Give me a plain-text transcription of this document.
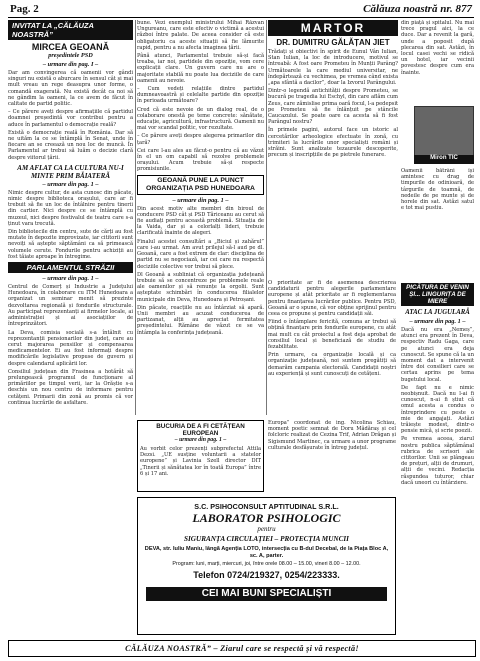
Pag. 2	Călăuza noastră nr. 877
INVITAT LA „CĂLĂUZA NOASTRĂ”
MIRCEA GEOANĂ
președintele PSD
– urmare din pag. I –

Dar am convingerea că oamenii vor gândi singuri nu există o aburcare în sensul cât și mai mult vreau un rege deasupra unor forme, o comandă exagerată. Nu există decât ca noi să ne gândim la oameni, la ce avem de făcut în calitate de partid politic.

– Ce părere aveți despre afirmațiile că partidul doamnei președintă vor contribui pentru a aduce în parlamentul o democrație reală?

Există o democrație reală în România. Dar să ne uităm la ce se întâmplă în Senat, unde în fiecare an se creează un nou loc de muncă. În Parlamentul ar trebui să luăm o decizie clară despre viitorul țării.

AM AFLAT CA LA CULTURA NU-I MINTE PRIM BĂIATERĂ
– urmare din pag. 1 –

Nimic despre cultur, de asta cunosc din păcate, nimic despre biblioteca orașului, care ar fi trebuit să fie un loc de întâlnire pentru tinerii din cartier. Nici despre ce se întâmplă cu muzeul, nici despre festivalul de teatru care s-a ținut vara trecută.

Din bibliotecile din centru, sute de cărți au fost mutate în depozite improvizate, iar cititorii sunt nevoiți să aștepte săptămâni ca să primească volumele cerute. Fondurile pentru achiziții au fost tăiate aproape în întregime.

PARLAMENTUL STRĂZII
– urmare din pag. 1 –

Centrul de Comerț și Industrie a Județului Hunedoara, în colaborare cu ITM Hunedoara a organizat un seminar menit să prezinte dezvoltarea regională și fondurile structurale. Au participat reprezentanți ai firmelor locale, ai administrației și ai asociațiilor de întreprinzători.

La Deva, comisia socială s-a întâlnit cu reprezentanții pensionarilor din județ, care au cerut majorarea pensiilor și compensarea medicamentelor. Ei au fost informați despre modificările legislative propuse de guvern și despre calendarul aplicării lor.

Consiliul județean din Frasinea a hotărât să prelungească programul de funcționare al primăriilor pe timpul verii, iar la Orăștie s-a deschis un nou centru de informare pentru cetățeni. Primarii din zonă au promis că vor continua lucrările de asfaltare.

bune. Vezi exemplul ministrului Mihai Răzvan Ungureanu, care este efectiv o victimă a acestui război între palate. De aceea consider că este obligatoriu ca aceste situații să fie lămurite rapid, pentru a nu afecta imaginea țării.

Până atunci, Parlamentul trebuie să-și facă treaba, iar noi, partidele din opoziție, vom cere explicații clare. Un guvern care nu are o majoritate stabilă nu poate lua deciziile de care oamenii au nevoie.

– Cum vedeți relațiile dintre partidul dumneavoastră și celelalte partide din opoziție în perioada următoare?

Cred că este nevoie de un dialog real, de o colaborare onestă pe teme concrete: sănătate, educație, agricultură, infrastructură. Oamenii nu mai vor scandal politic, vor rezultate.

– Ce părere aveți despre alegerea primarilor din țară?

Cei care l-au ales au făcut-o pentru că au văzut în el un om capabil să rezolve problemele orașului. Acum trebuie să-și respecte promisiunile.

GEOANĂ PUNE LA PUNCT ORGANIZAȚIA PSD HUNEDOARA
– urmare din pag. 1 –

Din acest motiv alte membri din biroul de conducere PSD cât și PSD Tăriceanu au cerut să fie audiați pentru această problemă. Situația de la Vaida, dar și a celorlalți lideri, trebuie clarificată înainte de alegeri.

Finalul acestei consultări a „Biciul și zahărul” care i-au urmat. Am avut prilejul să-l aud pe dl. Geoană, care a fost extrem de clar: disciplina de partid nu se negociază, iar cei care nu respectă deciziile colective vor trebui să plece.

Dl Geoană a subliniat că organizația județeană trebuie să se concentreze pe problemele reale ale oamenilor și să renunțe la orgolii. Sunt așteptate schimbări în conducerea filialelor municipale din Deva, Hunedoara și Petroșani.

Din păcate, reacțiile nu au întârziat să apară. Unii membri au acuzat conducerea de partizanat, alții au apreciat fermitatea președintelui. Rămâne de văzut ce se va întâmpla la conferința județeană.

MARTOR
DR. DUMITRU GĂLĂȚAN JIET

Trădați și obiectivi în spirit de Eunul Vân Iulian, Stan Iulian, la loc de introducere, motivul se întreabă: A fost oare Prometeu în Munții Parâng? Următoarele la care mediul universitar, ne îndepărtează cu vechimea, pe vremea când exista „apa sfântă a dacilor”, doar la Izvorul Parângului.

Dintr-o legendă antichității despre Prometeu, se bucură pe tragedia lui Eschyl, din care aflăm cum Zeus, care zămislise prima oară focul, l-a pedepsit pe Prometeu să fie înlănțuit pe stâncile Caucazului. Se poate oare ca acesta să fi fost Parângul nostru?

În primele pagini, autorul face un istoric al cercetărilor arheologice efectuate în zonă, cu trimiteri la lucrările unor specialiști români și străini. Sunt analizate tezaurele descoperite, precum și inscripțiile de pe pietrele funerare.

din piață și spitalul. Nu mai trece pragul aici, la ce duce. Dar a revenit la gară, unde a poposit după plecarea din sat. Astăzi, în locul casei vechi se ridică un hotel, iar vecinii povestesc despre cum era înainte.

Miron TIC

Oamenii bătrâni își amintesc cu drag de timpurile de odinioară, de târgurile de toamnă, de nedeile de pe munte și de horele din sat. Astăzi satul e tot mai pustiu.

O prioritate ar fi de asemenea descrierea candidaturii pentru alegerile parlamentare europene și atât prioritate ar fi reglementarea pentru finanțarea lucrărilor publice. Pentru PSD, Geoană ar o spune, că vor obține sprijinul pentru ceea ce propune și pentru candidații săi.

Fiind o întâmplare fericită, comuna ar trebui să obțină finanțare prin fondurile europene, cu atât mai mult cu cât proiectul a fost deja aprobat de consiliul local și beneficiază de studiu de fezabilitate.

Prin urmare, ca organizație locală și ca organizație județeană, noi suntem pregătiți să demarăm campania electorală. Candidații noștri au experiență și sunt cunoscuți de cetățeni.

PICĂTURA DE VENIN ȘI... LINGURIȚA DE MIERE
ATAC LA JUGULARĂ
– urmare din pag. 1 –

Dacă nu era „Nemeș”, atunci era prezent în Deva, respectiv Radu Gaga, care pe atunci era deja cunoscut. Se spune că la un moment dat a intervenit între doi consilieri care se certau aprins pe tema bugetului local.

De fapt nu e nimic neobișnuit. Dacă nu l-ai fi cunoscut, n-ai fi știut că omul acesta a condus o întreprindere cu peste o mie de angajați. Astăzi trăiește modest, dintr-o pensie mică, și scrie poezii.

Pe vremea aceea, ziarul nostru publica săptămânal rubrica de scrisori ale cititorilor. Unii se plângeau de prețuri, alții de drumuri, alții de vecini. Redacția răspundea tuturor, chiar dacă uneori cu întârziere.

BUCURIA DE A FI CETĂȚEAN EUROPEAN
– urmare din pag. 1 –

Au vorbit celor prezenți subprefectul Attila Dezsi. „UE susține voluntarii a statelor europene” și Lavinia Szell director DIT „Tinerii și sănătatea lor în toată Europa” între 6 și 17 ani.

Europa” coordonat de ing. Nicolina Schiau, moment poetic semnat de Doru Mădăraș și cel folcloric realizat de Cezina Trif, Adrian Drăgan și Sigismund Martinec, ca urmare a unor programe culturale desfășurate în întreg județul.

S.C. PSIHOCONSULT APTITUDINAL S.R.L.
LABORATOR PSIHOLOGIC
pentru
SIGURANȚA CIRCULAȚIEI – PROTECȚIA MUNCII
DEVA, str. Iuliu Maniu, lângă Agenția LOTO, intersecția cu B-dul Decebal, de la Piața Bloc A, sc. A, parter.
Program: luni, marți, miercuri, joi, între orele 08.00 – 15.00, vineri 8.00 – 12.00.
Telefon 0724/219327, 0254/223333.
CEI MAI BUNI SPECIALIȘTI
CĂLĂUZA NOASTRĂ” – Ziarul care se respectă și vă respectă!
